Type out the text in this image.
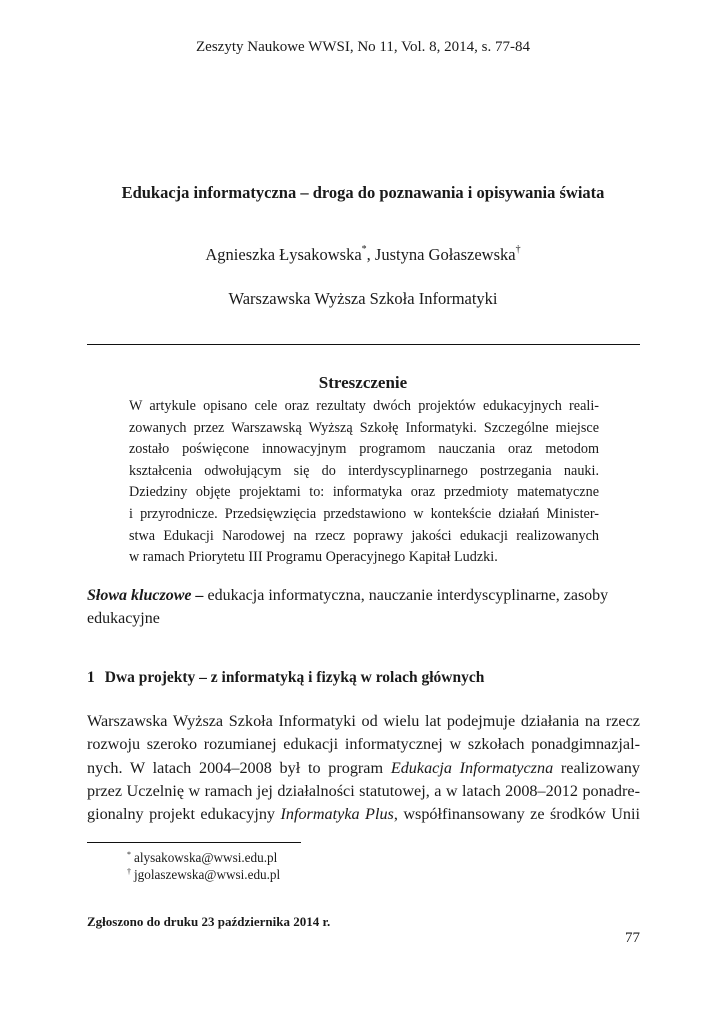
Zeszyty Naukowe WWSI, No 11, Vol. 8, 2014, s. 77-84
Edukacja informatyczna – droga do poznawania i opisywania świata
Agnieszka Łysakowska*, Justyna Gołaszewska†
Warszawska Wyższa Szkoła Informatyki
Streszczenie
W artykule opisano cele oraz rezultaty dwóch projektów edukacyjnych reali-
zowanych przez Warszawską Wyższą Szkołę Informatyki. Szczególne miejsce
zostało poświęcone innowacyjnym programom nauczania oraz metodom
kształcenia odwołującym się do interdyscyplinarnego postrzegania nauki.
Dziedziny objęte projektami to: informatyka oraz przedmioty matematyczne
i przyrodnicze. Przedsięwzięcia przedstawiono w kontekście działań Minister-
stwa Edukacji Narodowej na rzecz poprawy jakości edukacji realizowanych
w ramach Priorytetu III Programu Operacyjnego Kapitał Ludzki.
Słowa kluczowe – edukacja informatyczna, nauczanie interdyscyplinarne, zasoby edukacyjne
1 Dwa projekty – z informatyką i fizyką w rolach głównych
Warszawska Wyższa Szkoła Informatyki od wielu lat podejmuje działania na rzecz
rozwoju szeroko rozumianej edukacji informatycznej w szkołach ponadgimnazjal-
nych. W latach 2004–2008 był to program Edukacja Informatyczna realizowany
przez Uczelnię w ramach jej działalności statutowej, a w latach 2008–2012 ponadre-
gionalny projekt edukacyjny Informatyka Plus, współfinansowany ze środków Unii
* alysakowska@wwsi.edu.pl
† jgolaszewska@wwsi.edu.pl
Zgłoszono do druku 23 października 2014 r.
77
